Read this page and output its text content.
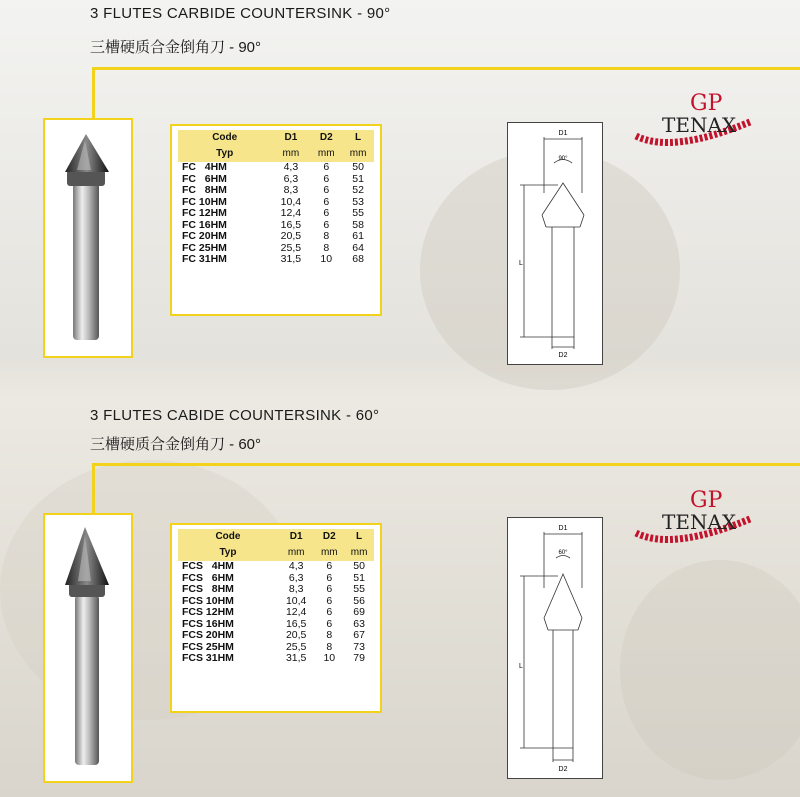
3 FLUTES CARBIDE COUNTERSINK - 90°
三槽硬质合金倒角刀 - 90°
GP
TENAX
Code	D1	D2	L
Typ	mm	mm	mm
FC   4HM	4,3	6	50
FC   6HM	6,3	6	51
FC   8HM	8,3	6	52
FC 10HM	10,4	6	53
FC 12HM	12,4	6	55
FC 16HM	16,5	6	58
FC 20HM	20,5	8	61
FC 25HM	25,5	8	64
FC 31HM	31,5	10	68
D1
90°
L
D2
3 FLUTES CABIDE COUNTERSINK - 60°
三槽硬质合金倒角刀 - 60°
GP
TENAX
Code	D1	D2	L
Typ	mm	mm	mm
FCS   4HM	4,3	6	50
FCS   6HM	6,3	6	51
FCS   8HM	8,3	6	55
FCS 10HM	10,4	6	56
FCS 12HM	12,4	6	69
FCS 16HM	16,5	6	63
FCS 20HM	20,5	8	67
FCS 25HM	25,5	8	73
FCS 31HM	31,5	10	79
D1
60°
L
D2
